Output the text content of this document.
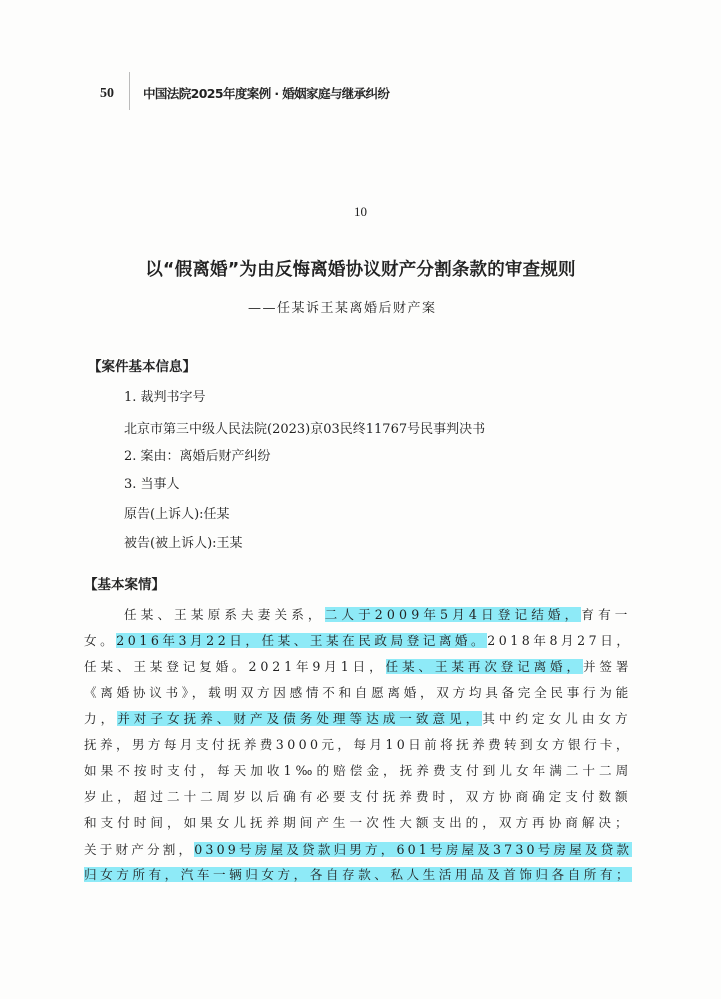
50	中国法院2025年度案例 · 婚姻家庭与继承纠纷
10
以“假离婚”为由反悔离婚协议财产分割条款的审查规则
——任某诉王某离婚后财产案
【案件基本信息】
1. 裁判书字号
北京市第三中级人民法院(2023)京03民终11767号民事判决书
2. 案由：离婚后财产纠纷
3. 当事人
原告(上诉人):任某
被告(被上诉人):王某
【基本案情】
任某、王某原系夫妻关系，二人于2009年5月4日登记结婚，育有一
女。2016年3月22日，任某、王某在民政局登记离婚。2018年8月27日，
任某、王某登记复婚。2021年9月1日，任某、王某再次登记离婚，并签署
《离婚协议书》，载明双方因感情不和自愿离婚，双方均具备完全民事行为能
力，并对子女抚养、财产及债务处理等达成一致意见，其中约定女儿由女方
抚养，男方每月支付抚养费3000元，每月10日前将抚养费转到女方银行卡，
如果不按时支付，每天加收1‰的赔偿金，抚养费支付到儿女年满二十二周
岁止，超过二十二周岁以后确有必要支付抚养费时，双方协商确定支付数额
和支付时间，如果女儿抚养期间产生一次性大额支出的，双方再协商解决；
关于财产分割，0309号房屋及贷款归男方，601号房屋及3730号房屋及贷款
归女方所有，汽车一辆归女方，各自存款、私人生活用品及首饰归各自所有；
